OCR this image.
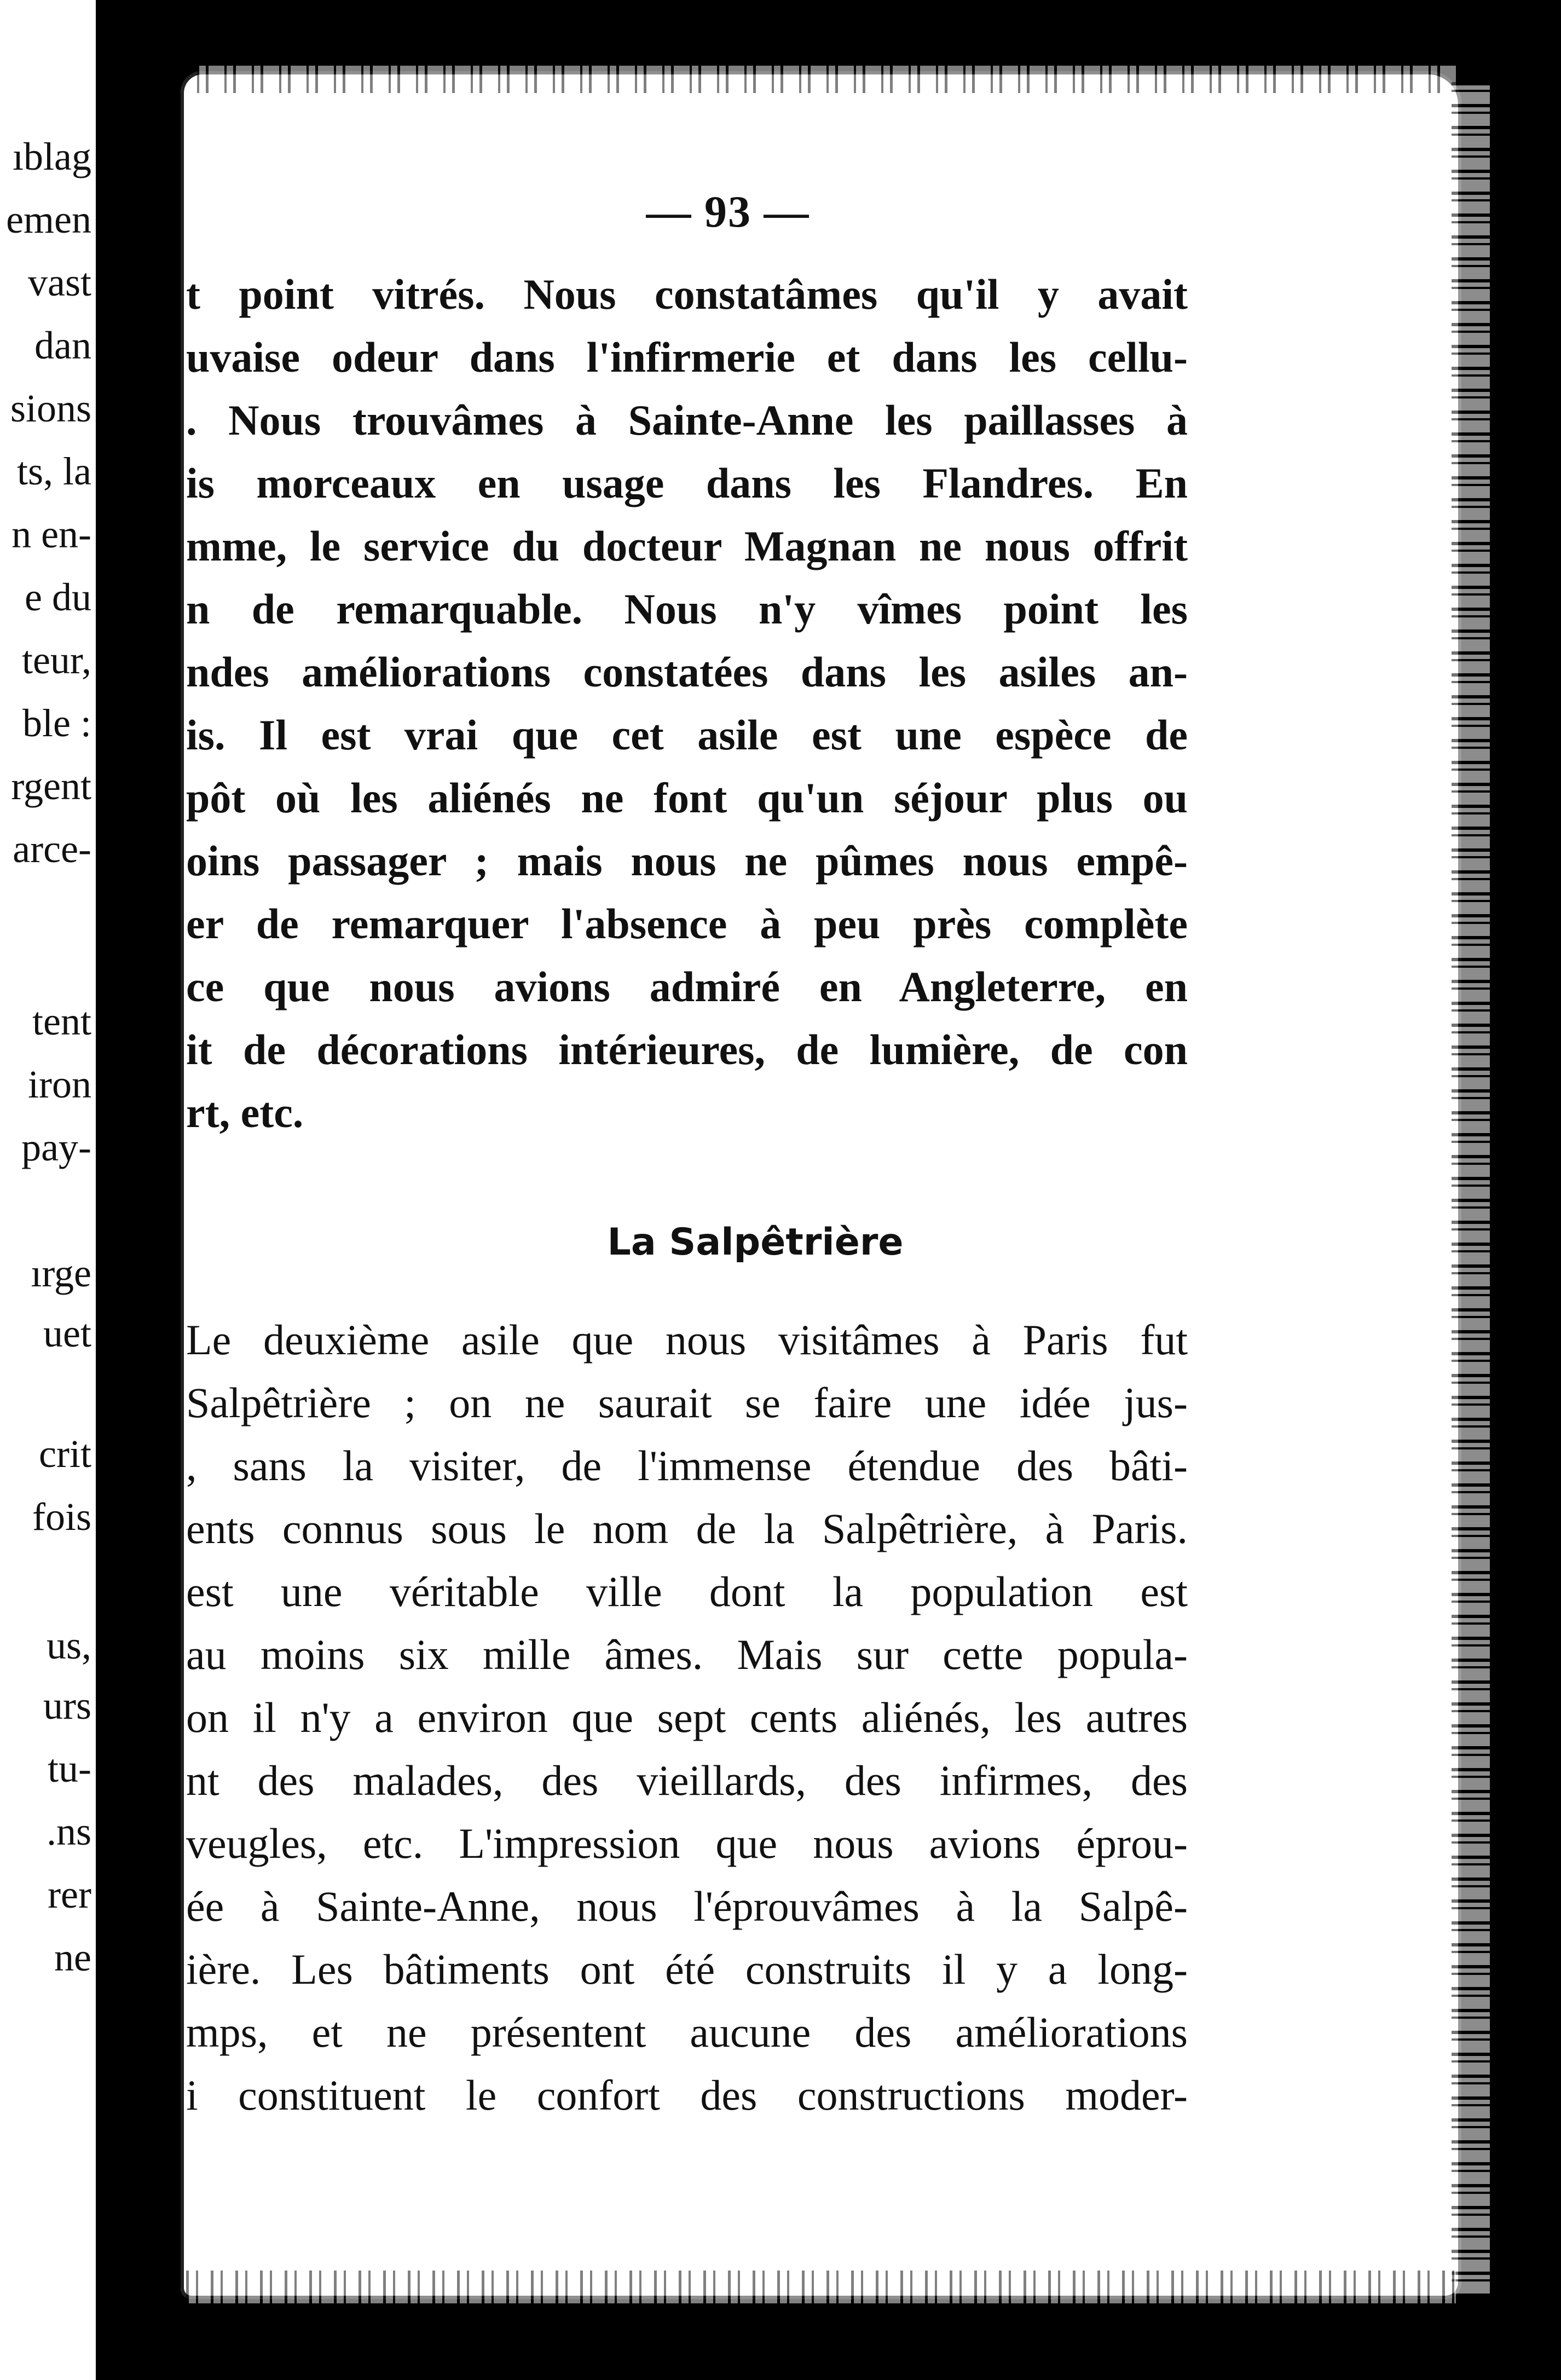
ıblag
emen
vast
dan
sions
ts, la
n en-
e du
teur,
ble :
rgent
arce-
tent
iron
pay-
ırge
uet
crit
fois
us,
urs
tu-
.ns
rer
ne
— 93 —
t point vitrés. Nous constatâmes qu'il y avait
uvaise odeur dans l'infirmerie et dans les cellu-
. Nous trouvâmes à Sainte-Anne les paillasses à
is morceaux en usage dans les Flandres. En
mme, le service du docteur Magnan ne nous offrit
n de remarquable. Nous n'y vîmes point les
ndes améliorations constatées dans les asiles an-
is. Il est vrai que cet asile est une espèce de
pôt où les aliénés ne font qu'un séjour plus ou
oins passager ; mais nous ne pûmes nous empê-
er de remarquer l'absence à peu près complète
ce que nous avions admiré en Angleterre, en
it de décorations intérieures, de lumière, de con
rt, etc.
La Salpêtrière
Le deuxième asile que nous visitâmes à Paris fut
Salpêtrière ; on ne saurait se faire une idée jus-
, sans la visiter, de l'immense étendue des bâti-
ents connus sous le nom de la Salpêtrière, à Paris.
est une véritable ville dont la population est
au moins six mille âmes. Mais sur cette popula-
on il n'y a environ que sept cents aliénés, les autres
nt des malades, des vieillards, des infirmes, des
veugles, etc. L'impression que nous avions éprou-
ée à Sainte-Anne, nous l'éprouvâmes à la Salpê-
ière. Les bâtiments ont été construits il y a long-
mps, et ne présentent aucune des améliorations
i constituent le confort des constructions moder-
